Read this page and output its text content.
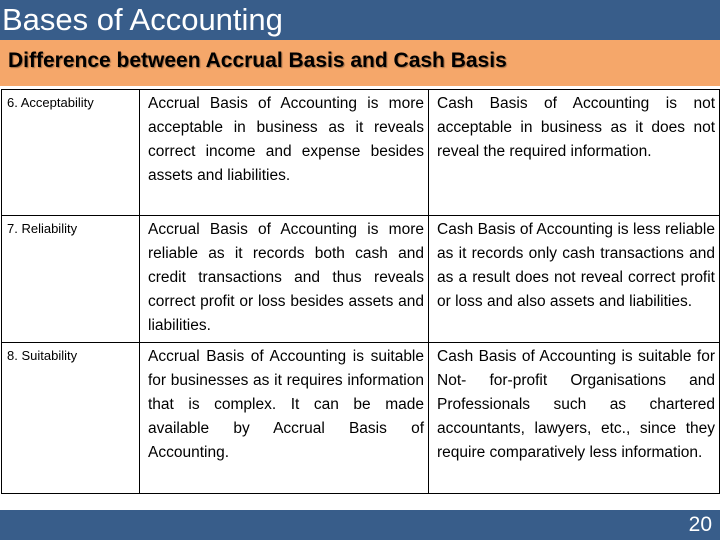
Bases of Accounting
Difference between Accrual Basis and Cash Basis
6. Acceptability	Accrual Basis of Accounting is more acceptable in business as it reveals correct income and expense besides assets and liabilities.	Cash Basis of Accounting is not acceptable in business as it does not reveal the required information.
7. Reliability	Accrual Basis of Accounting is more reliable as it records both cash and credit transactions and thus reveals correct profit or loss besides assets and liabilities.	Cash Basis of Accounting is less reliable as it records only cash transactions and as a result does not reveal correct profit or loss and also assets and liabilities.
8. Suitability	Accrual Basis of Accounting is suitable for businesses as it requires information that is complex. It can be made available by Accrual Basis of Accounting.	Cash Basis of Accounting is suitable for Not- for-profit Organisations and Professionals such as chartered accountants, lawyers, etc., since they require comparatively less information.
20
